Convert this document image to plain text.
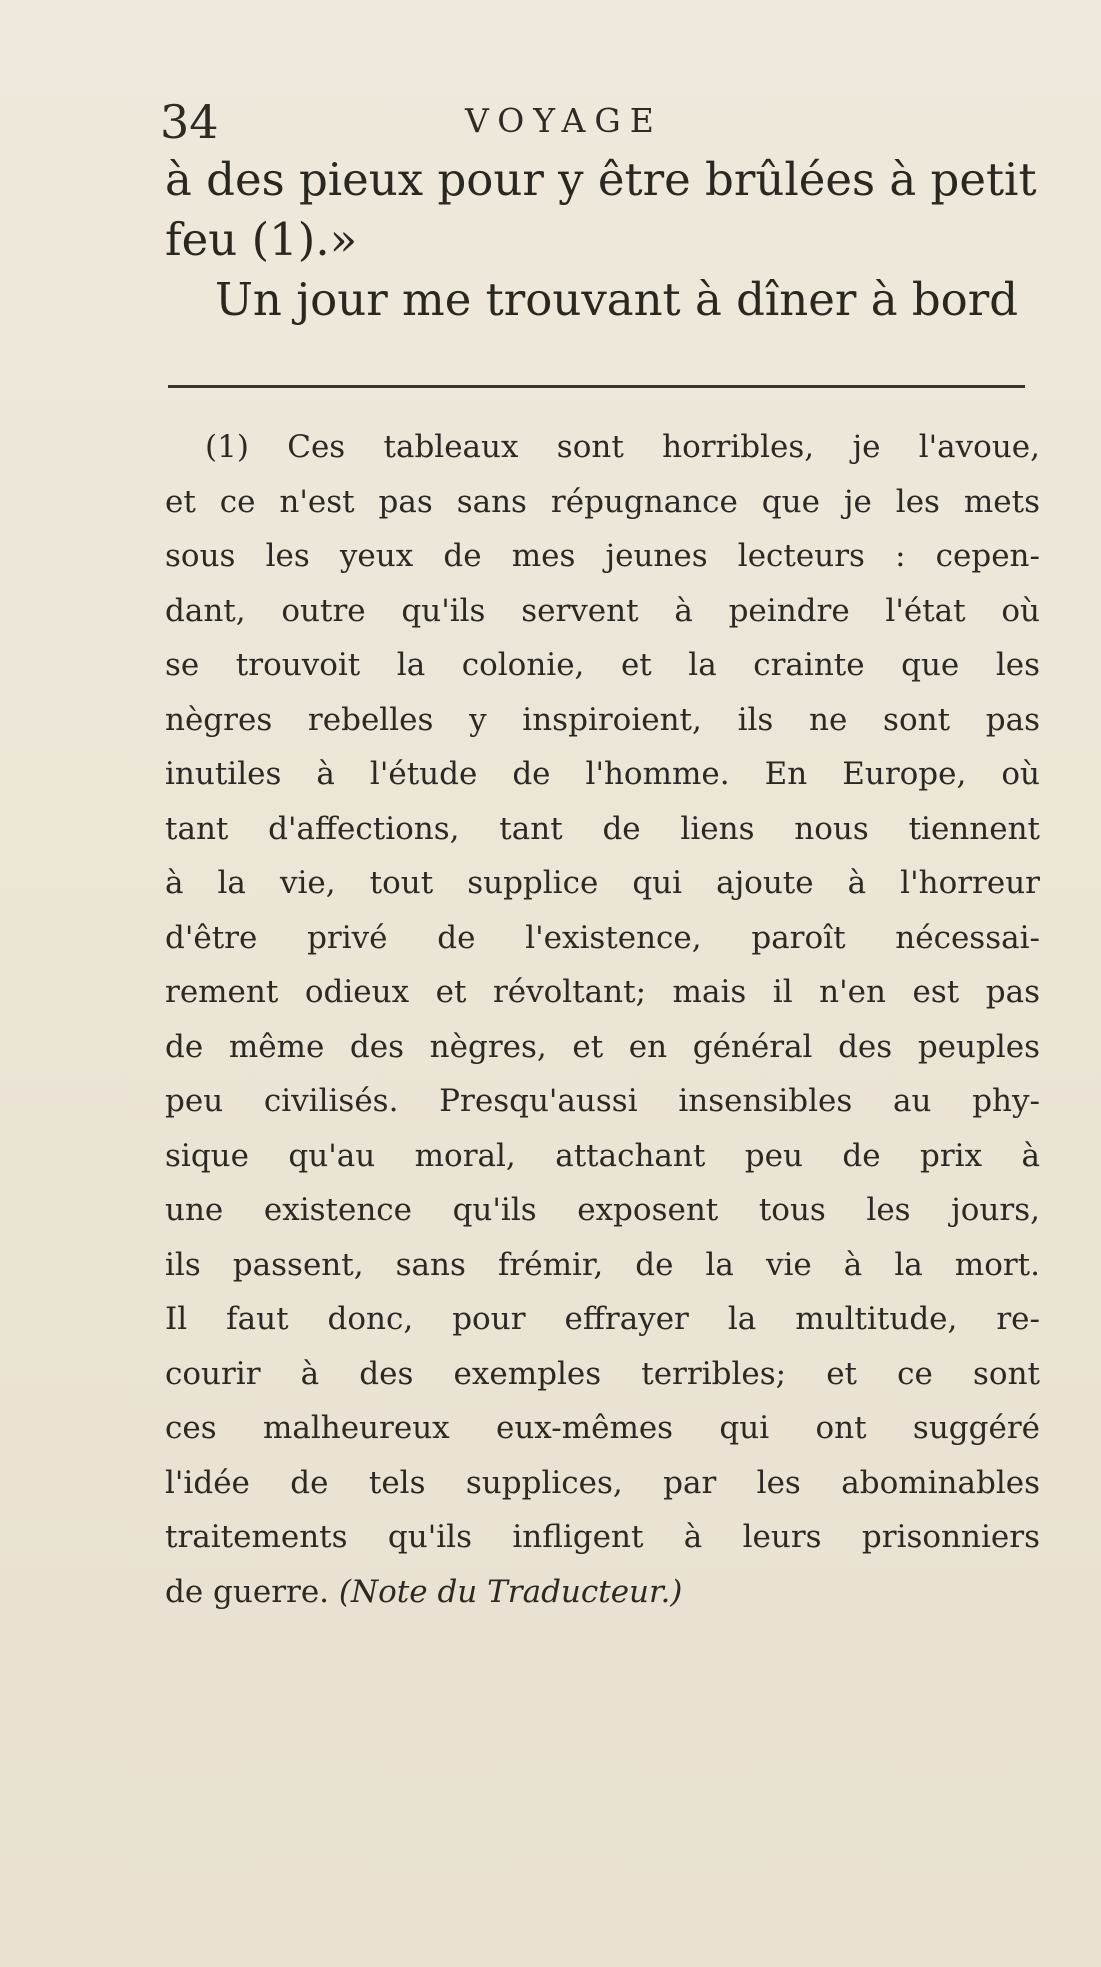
34	VOYAGE
à des pieux pour y être brûlées à petit
feu (1).»
Un jour me trouvant à dîner à bord
(1) Ces tableaux sont horribles, je l'avoue,
et ce n'est pas sans répugnance que je les mets
sous les yeux de mes jeunes lecteurs : cepen-
dant, outre qu'ils servent à peindre l'état où
se trouvoit la colonie, et la crainte que les
nègres rebelles y inspiroient, ils ne sont pas
inutiles à l'étude de l'homme. En Europe, où
tant d'affections, tant de liens nous tiennent
à la vie, tout supplice qui ajoute à l'horreur
d'être privé de l'existence, paroît nécessai-
rement odieux et révoltant; mais il n'en est pas
de même des nègres, et en général des peuples
peu civilisés. Presqu'aussi insensibles au phy-
sique qu'au moral, attachant peu de prix à
une existence qu'ils exposent tous les jours,
ils passent, sans frémir, de la vie à la mort.
Il faut donc, pour effrayer la multitude, re-
courir à des exemples terribles; et ce sont
ces malheureux eux-mêmes qui ont suggéré
l'idée de tels supplices, par les abominables
traitements qu'ils infligent à leurs prisonniers
de guerre. (Note du Traducteur.)
